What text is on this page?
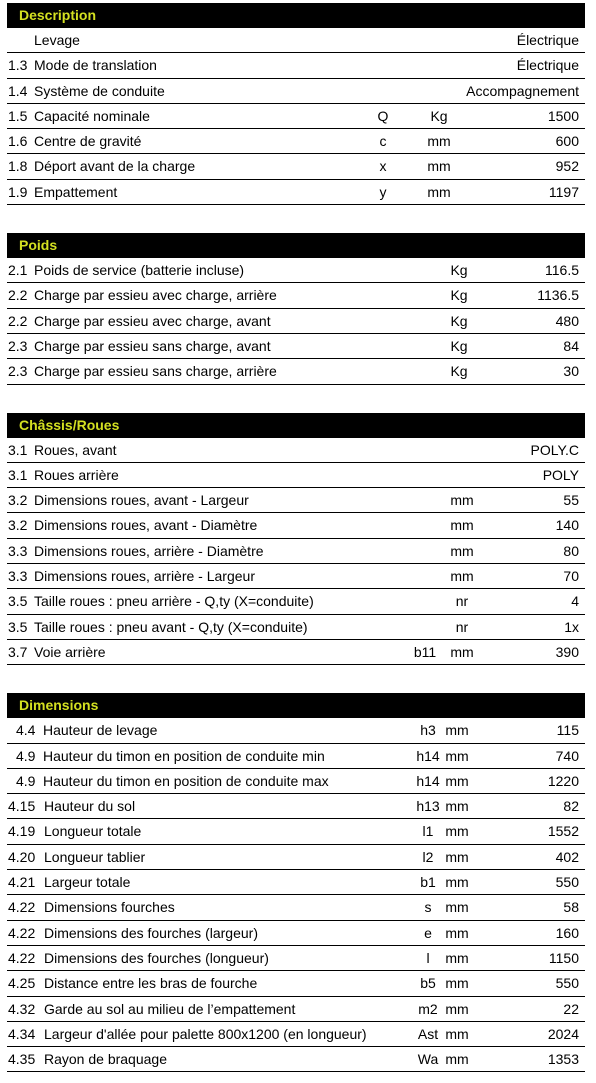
Description
Levage	Électrique
1.3 Mode de translation	Électrique
1.4 Système de conduite	Accompagnement
1.5 Capacité nominale	Q	Kg	1500
1.6 Centre de gravité	c	mm	600
1.8 Déport avant de la charge	x	mm	952
1.9 Empattement	y	mm	1197
Poids
2.1 Poids de service (batterie incluse)	Kg	116.5
2.2 Charge par essieu avec charge, arrière	Kg	1136.5
2.2 Charge par essieu avec charge, avant	Kg	480
2.3 Charge par essieu sans charge, avant	Kg	84
2.3 Charge par essieu sans charge, arrière	Kg	30
Châssis/Roues
3.1 Roues, avant	POLY.C
3.1 Roues arrière	POLY
3.2 Dimensions roues, avant - Largeur	mm	55
3.2 Dimensions roues, avant - Diamètre	mm	140
3.3 Dimensions roues, arrière - Diamètre	mm	80
3.3 Dimensions roues, arrière - Largeur	mm	70
3.5 Taille roues : pneu arrière - Q,ty (X=conduite)	nr	4
3.5 Taille roues : pneu avant - Q,ty (X=conduite)	nr	1x
3.7 Voie arrière	b11 mm	390
Dimensions
4.4 Hauteur de levage	h3 mm	115
4.9 Hauteur du timon en position de conduite min	h14 mm	740
4.9 Hauteur du timon en position de conduite max	h14 mm	1220
4.15 Hauteur du sol	h13 mm	82
4.19 Longueur totale	l1 mm	1552
4.20 Longueur tablier	l2 mm	402
4.21 Largeur totale	b1 mm	550
4.22 Dimensions fourches	s mm	58
4.22 Dimensions des fourches (largeur)	e mm	160
4.22 Dimensions des fourches (longueur)	l mm	1150
4.25 Distance entre les bras de fourche	b5 mm	550
4.32 Garde au sol au milieu de l’empattement	m2 mm	22
4.34 Largeur d'allée pour palette 800x1200 (en longueur)	Ast mm	2024
4.35 Rayon de braquage	Wa mm	1353
